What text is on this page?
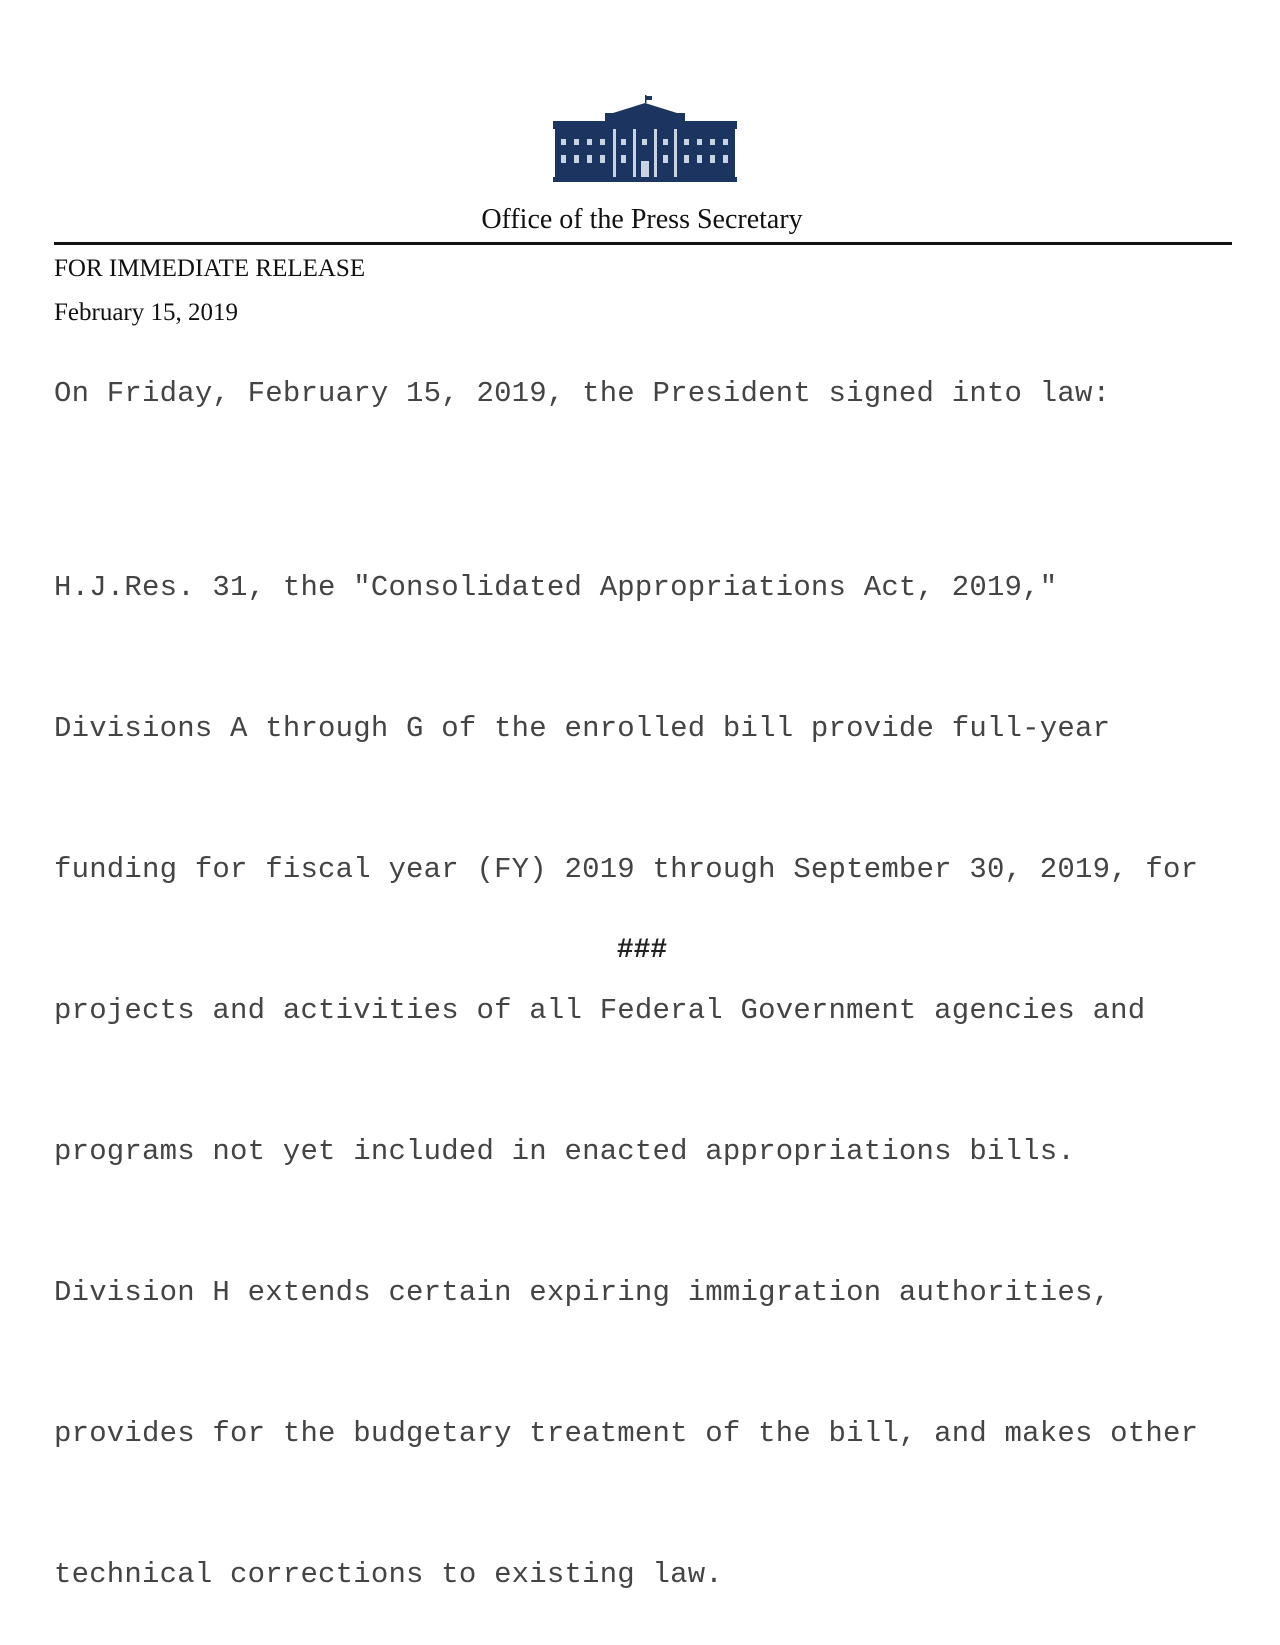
Office of the Press Secretary
FOR IMMEDIATE RELEASE
February 15, 2019
On Friday, February 15, 2019, the President signed into law:

H.J.Res. 31, the "Consolidated Appropriations Act, 2019,"

Divisions A through G of the enrolled bill provide full-year

funding for fiscal year (FY) 2019 through September 30, 2019, for

projects and activities of all Federal Government agencies and

programs not yet included in enacted appropriations bills.

Division H extends certain expiring immigration authorities,

provides for the budgetary treatment of the bill, and makes other

technical corrections to existing law.

###
